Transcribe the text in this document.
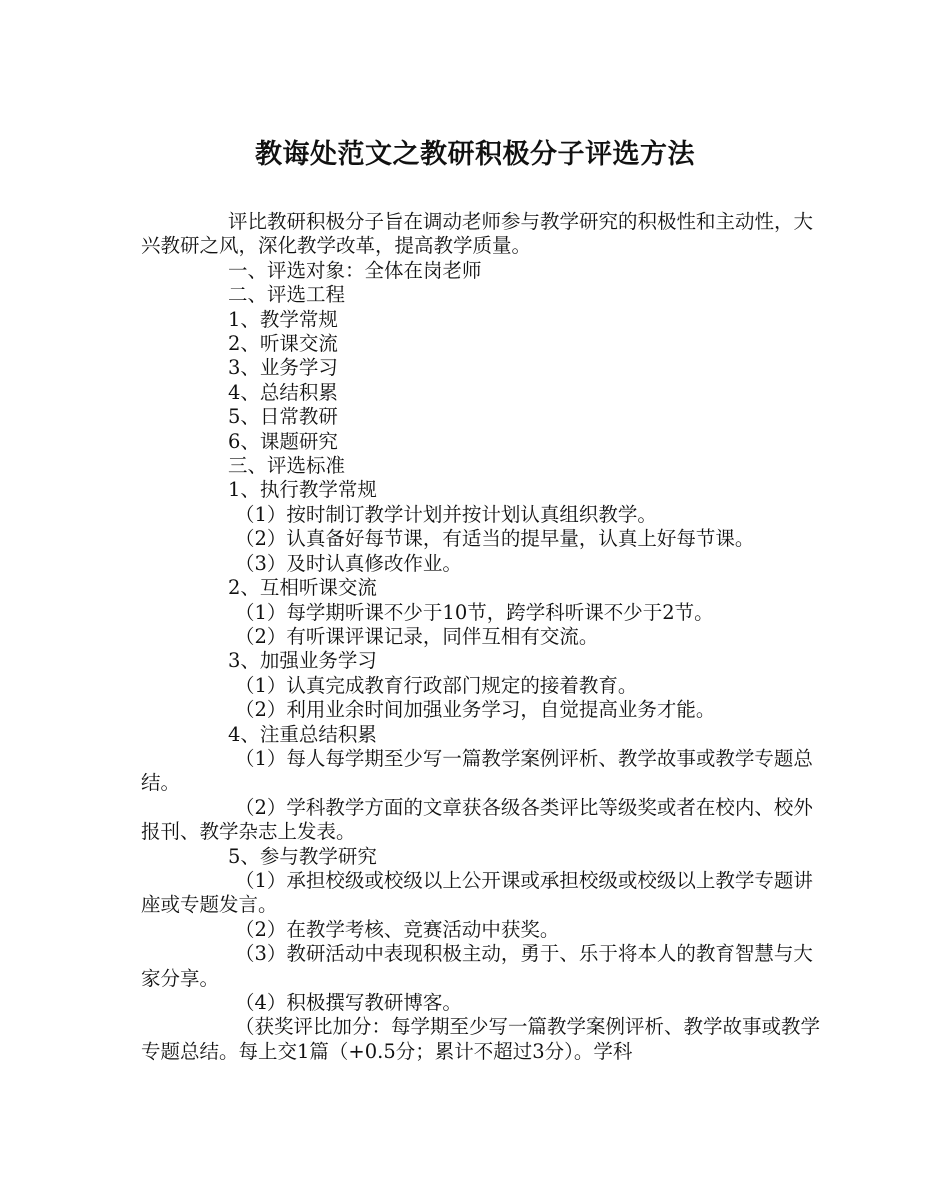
教诲处范文之教研积极分子评选方法

评比教研积极分子旨在调动老师参与教学研究的积极性和主动性，大兴教研之风，深化教学改革，提高教学质量。

一、评选对象：全体在岗老师

二、评选工程

1、教学常规

2、听课交流

3、业务学习

4、总结积累

5、日常教研

6、课题研究

三、评选标准

1、执行教学常规

（1）按时制订教学计划并按计划认真组织教学。

（2）认真备好每节课，有适当的提早量，认真上好每节课。

（3）及时认真修改作业。

2、互相听课交流

（1）每学期听课不少于10节，跨学科听课不少于2节。

（2）有听课评课记录，同伴互相有交流。

3、加强业务学习

（1）认真完成教育行政部门规定的接着教育。

（2）利用业余时间加强业务学习，自觉提高业务才能。

4、注重总结积累

（1）每人每学期至少写一篇教学案例评析、教学故事或教学专题总结。

（2）学科教学方面的文章获各级各类评比等级奖或者在校内、校外报刊、教学杂志上发表。

5、参与教学研究

（1）承担校级或校级以上公开课或承担校级或校级以上教学专题讲座或专题发言。

（2）在教学考核、竞赛活动中获奖。

（3）教研活动中表现积极主动，勇于、乐于将本人的教育智慧与大家分享。

（4）积极撰写教研博客。

（获奖评比加分：每学期至少写一篇教学案例评析、教学故事或教学专题总结。每上交1篇（+0.5分；累计不超过3分）。学科
